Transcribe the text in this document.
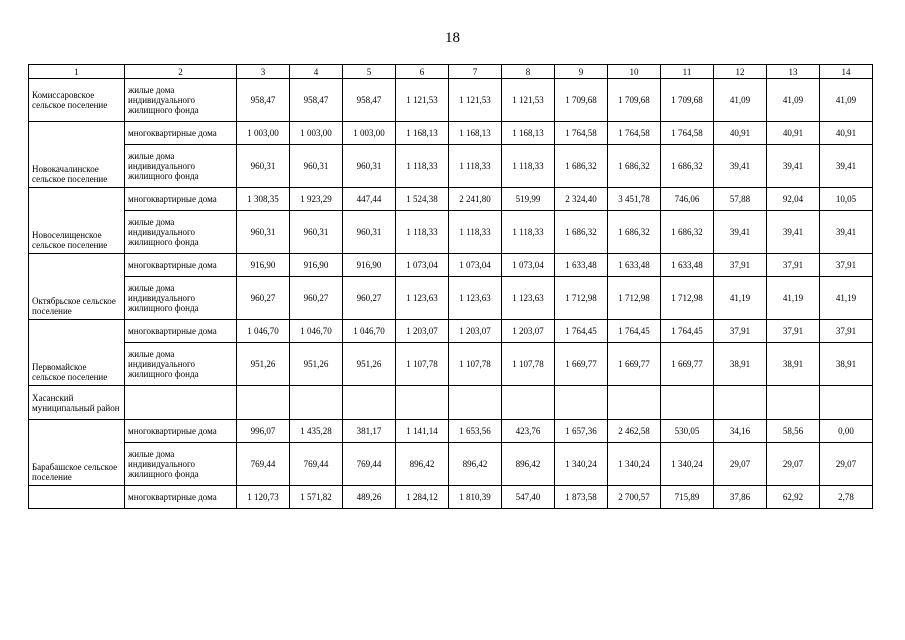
18
1	2	3	4	5	6	7	8	9	10	11	12	13	14
Комиссаровское сельское поселение	жилые дома индивидуального жилищного фонда	958,47	958,47	958,47	1 121,53	1 121,53	1 121,53	1 709,68	1 709,68	1 709,68	41,09	41,09	41,09
Новокачалинское сельское поселение	многоквартирные дома	1 003,00	1 003,00	1 003,00	1 168,13	1 168,13	1 168,13	1 764,58	1 764,58	1 764,58	40,91	40,91	40,91
	жилые дома индивидуального жилищного фонда	960,31	960,31	960,31	1 118,33	1 118,33	1 118,33	1 686,32	1 686,32	1 686,32	39,41	39,41	39,41
Новоселищенское сельское поселение	многоквартирные дома	1 308,35	1 923,29	447,44	1 524,38	2 241,80	519,99	2 324,40	3 451,78	746,06	57,88	92,04	10,05
	жилые дома индивидуального жилищного фонда	960,31	960,31	960,31	1 118,33	1 118,33	1 118,33	1 686,32	1 686,32	1 686,32	39,41	39,41	39,41
Октябрьское сельское поселение	многоквартирные дома	916,90	916,90	916,90	1 073,04	1 073,04	1 073,04	1 633,48	1 633,48	1 633,48	37,91	37,91	37,91
	жилые дома индивидуального жилищного фонда	960,27	960,27	960,27	1 123,63	1 123,63	1 123,63	1 712,98	1 712,98	1 712,98	41,19	41,19	41,19
Первомайское сельское поселение	многоквартирные дома	1 046,70	1 046,70	1 046,70	1 203,07	1 203,07	1 203,07	1 764,45	1 764,45	1 764,45	37,91	37,91	37,91
	жилые дома индивидуального жилищного фонда	951,26	951,26	951,26	1 107,78	1 107,78	1 107,78	1 669,77	1 669,77	1 669,77	38,91	38,91	38,91
Хасанский муниципальный район													
Барабашское сельское поселение	многоквартирные дома	996,07	1 435,28	381,17	1 141,14	1 653,56	423,76	1 657,36	2 462,58	530,05	34,16	58,56	0,00
	жилые дома индивидуального жилищного фонда	769,44	769,44	769,44	896,42	896,42	896,42	1 340,24	1 340,24	1 340,24	29,07	29,07	29,07
	многоквартирные дома	1 120,73	1 571,82	489,26	1 284,12	1 810,39	547,40	1 873,58	2 700,57	715,89	37,86	62,92	2,78
